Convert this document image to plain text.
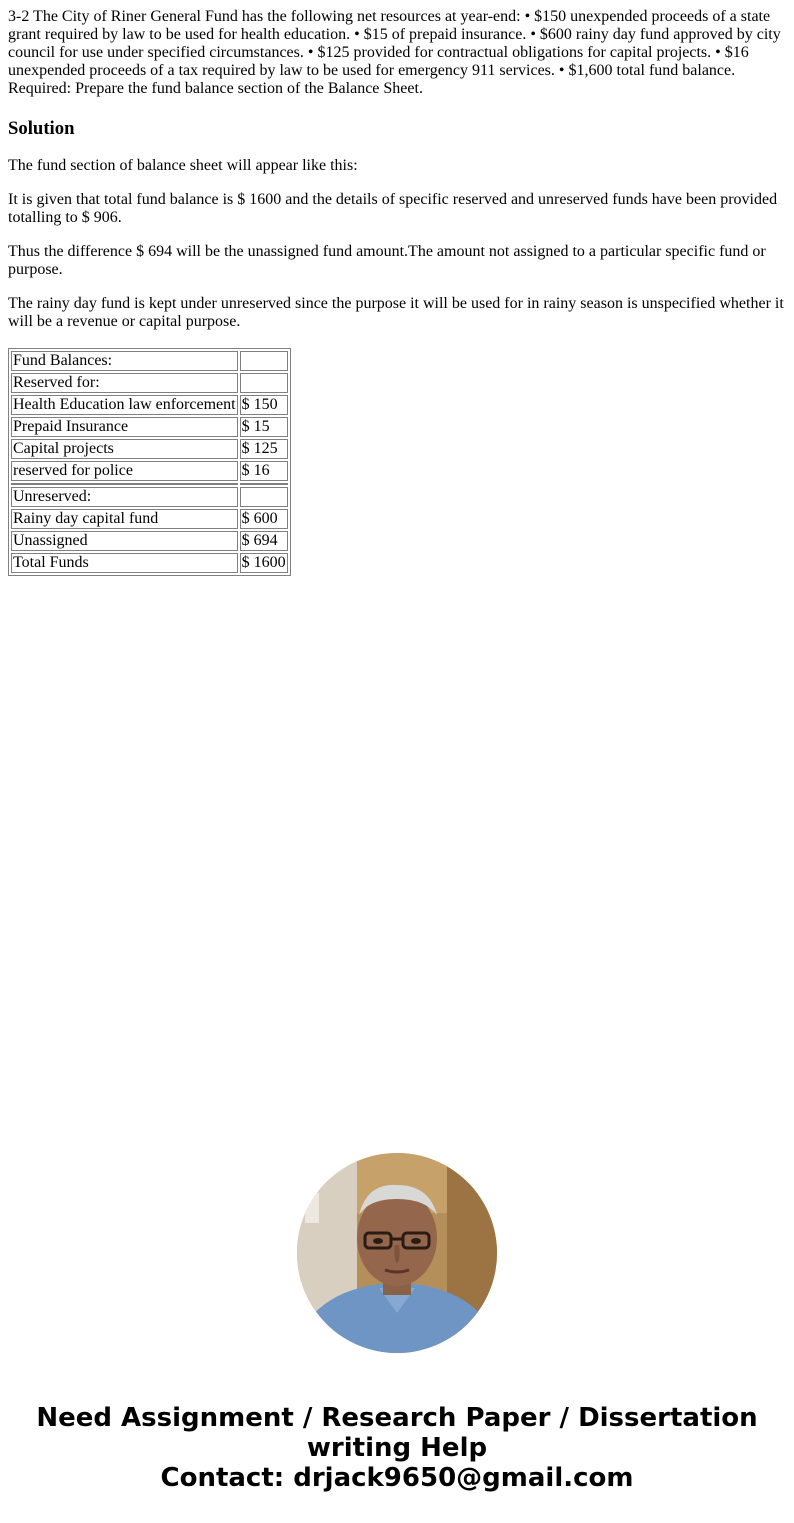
3-2 The City of Riner General Fund has the following net resources at year-end: • $150 unexpended proceeds of a state grant required by law to be used for health education. • $15 of prepaid insurance. • $600 rainy day fund approved by city council for use under specified circumstances. • $125 provided for contractual obligations for capital projects. • $16 unexpended proceeds of a tax required by law to be used for emergency 911 services. • $1,600 total fund balance. Required: Prepare the fund balance section of the Balance Sheet.
Solution

The fund section of balance sheet will appear like this:

It is given that total fund balance is $ 1600 and the details of specific reserved and unreserved funds have been provided totalling to $ 906.

Thus the difference $ 694 will be the unassigned fund amount.The amount not assigned to a particular specific fund or purpose.

The rainy day fund is kept under unreserved since the purpose it will be used for in rainy season is unspecified whether it will be a revenue or capital purpose.

Fund Balances:	
Reserved for:	
Health Education law enforcement	$ 150
Prepaid Insurance	$ 15
Capital projects	$ 125
reserved for police	$ 16

Unreserved:	
Rainy day capital fund	$ 600
Unassigned	$ 694
Total Funds	$ 1600
Need Assignment / Research Paper / Dissertation
writing Help
Contact: drjack9650@gmail.com
